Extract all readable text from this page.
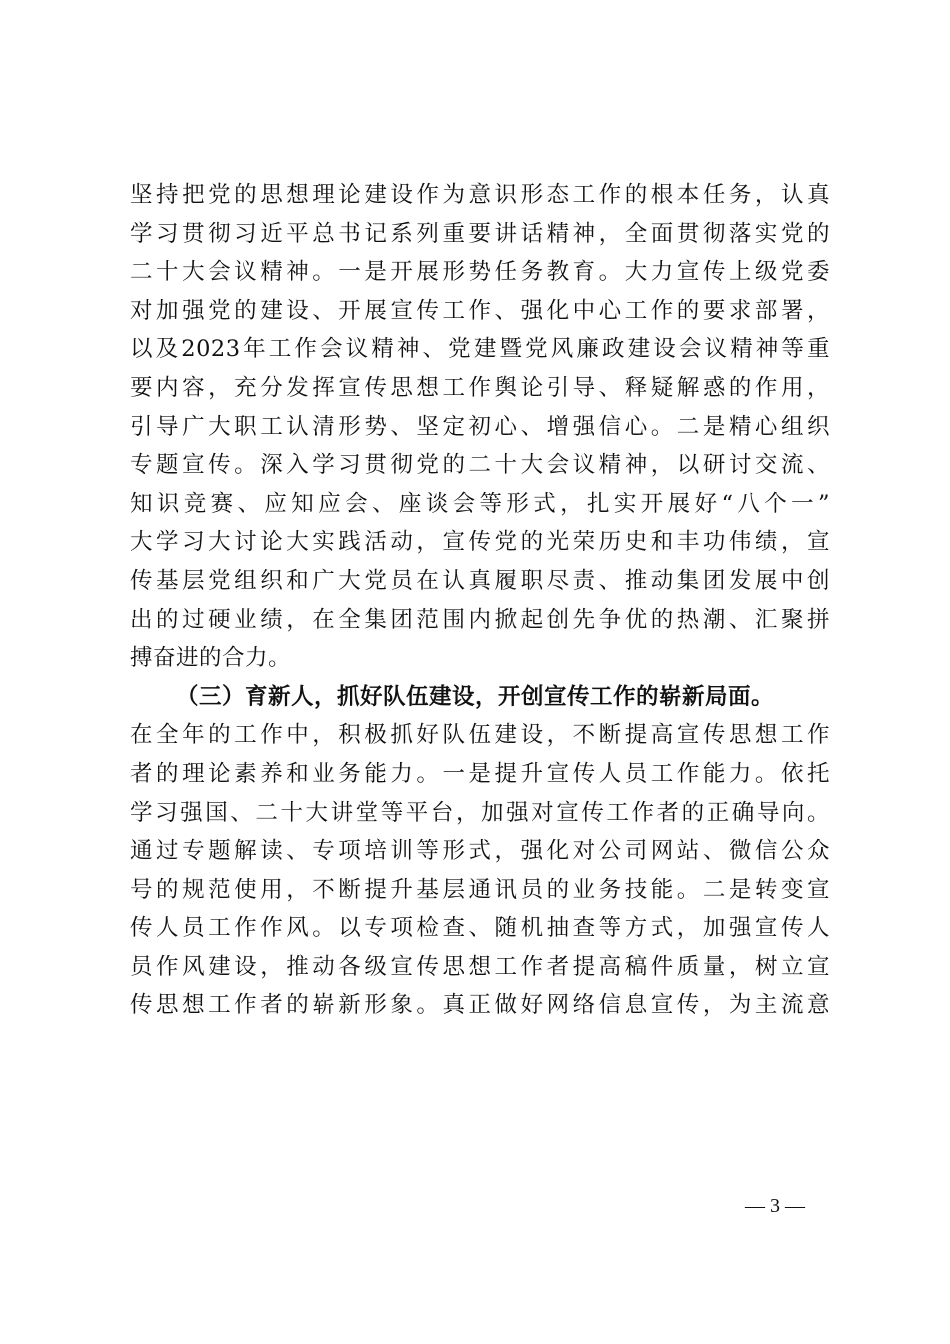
坚持把党的思想理论建设作为意识形态工作的根本任务，认真
学习贯彻习近平总书记系列重要讲话精神，全面贯彻落实党的
二十大会议精神。一是开展形势任务教育。大力宣传上级党委
对加强党的建设、开展宣传工作、强化中心工作的要求部署，
以及2023年工作会议精神、党建暨党风廉政建设会议精神等重
要内容，充分发挥宣传思想工作舆论引导、释疑解惑的作用，
引导广大职工认清形势、坚定初心、增强信心。二是精心组织
专题宣传。深入学习贯彻党的二十大会议精神，以研讨交流、
知识竞赛、应知应会、座谈会等形式，扎实开展好“八个一”
大学习大讨论大实践活动，宣传党的光荣历史和丰功伟绩，宣
传基层党组织和广大党员在认真履职尽责、推动集团发展中创
出的过硬业绩，在全集团范围内掀起创先争优的热潮、汇聚拼
搏奋进的合力。
（三）育新人，抓好队伍建设，开创宣传工作的崭新局面。
在全年的工作中，积极抓好队伍建设，不断提高宣传思想工作
者的理论素养和业务能力。一是提升宣传人员工作能力。依托
学习强国、二十大讲堂等平台，加强对宣传工作者的正确导向。
通过专题解读、专项培训等形式，强化对公司网站、微信公众
号的规范使用，不断提升基层通讯员的业务技能。二是转变宣
传人员工作作风。以专项检查、随机抽查等方式，加强宣传人
员作风建设，推动各级宣传思想工作者提高稿件质量，树立宣
传思想工作者的崭新形象。真正做好网络信息宣传，为主流意
— 3 —
